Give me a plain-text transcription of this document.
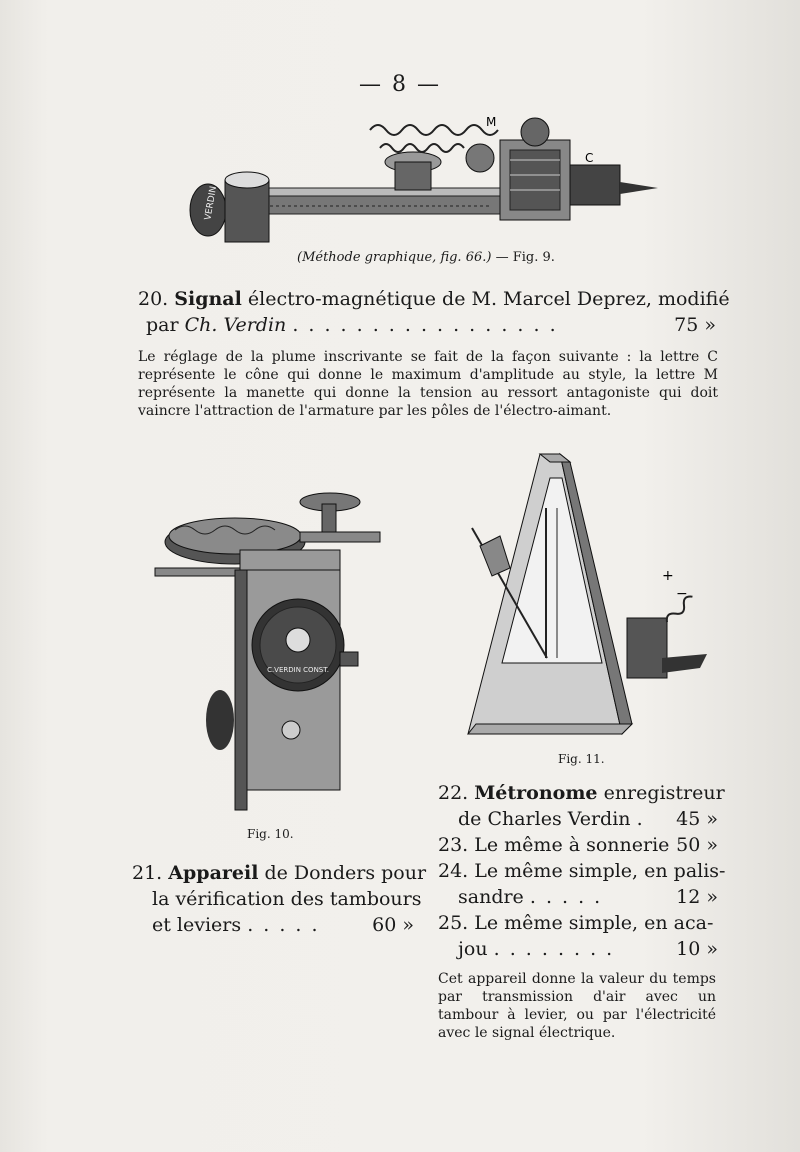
— 8 —
VERDIN
M
C
(Méthode graphique, fig. 66.) — Fig. 9.
20. Signal électro-magnétique de M. Marcel Deprez, modifié
par Ch. Verdin . . . . . . . . . . . . . . . . .	75 »
Le réglage de la plume inscrivante se fait de la façon suivante : la lettre C représente le cône qui donne le maximum d'amplitude au style, la lettre M représente la manette qui donne la tension au ressort antagoniste qui doit vaincre l'attraction de l'armature par les pôles de l'électro-aimant.
C.VERDIN CONST.
Fig. 10.
+
−
Fig. 11.
21. Appareil de Donders pour
la vérification des tambours
et leviers . . . . .	60 »
22. Métronome enregistreur
de Charles Verdin . 45 »
23. Le même à sonnerie 50 »
24. Le même simple, en palis-
sandre . . . . .	12 »
25. Le même simple, en aca-
jou . . . . . . . .	10 »
Cet appareil donne la valeur du temps par transmission d'air avec un tambour à levier, ou par l'électricité avec le signal électrique.
